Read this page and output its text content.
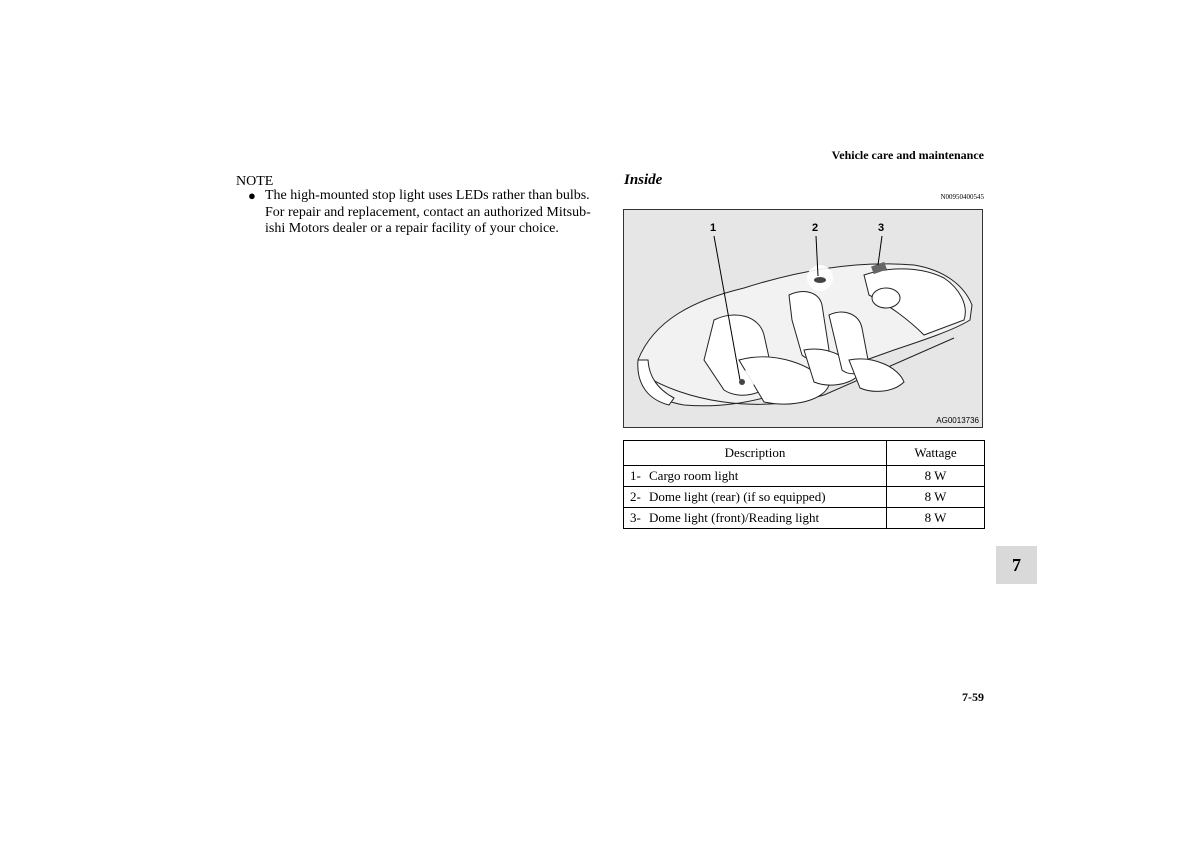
Vehicle care and maintenance
NOTE
● The high-mounted stop light uses LEDs rather than bulbs. For repair and replacement, contact an authorized Mitsub-ishi Motors dealer or a repair facility of your choice.
Inside
N00950400545
1	2	3
AG0013736
Description	Wattage
1- Cargo room light	8 W
2- Dome light (rear) (if so equipped)	8 W
3- Dome light (front)/Reading light	8 W
7
7-59
